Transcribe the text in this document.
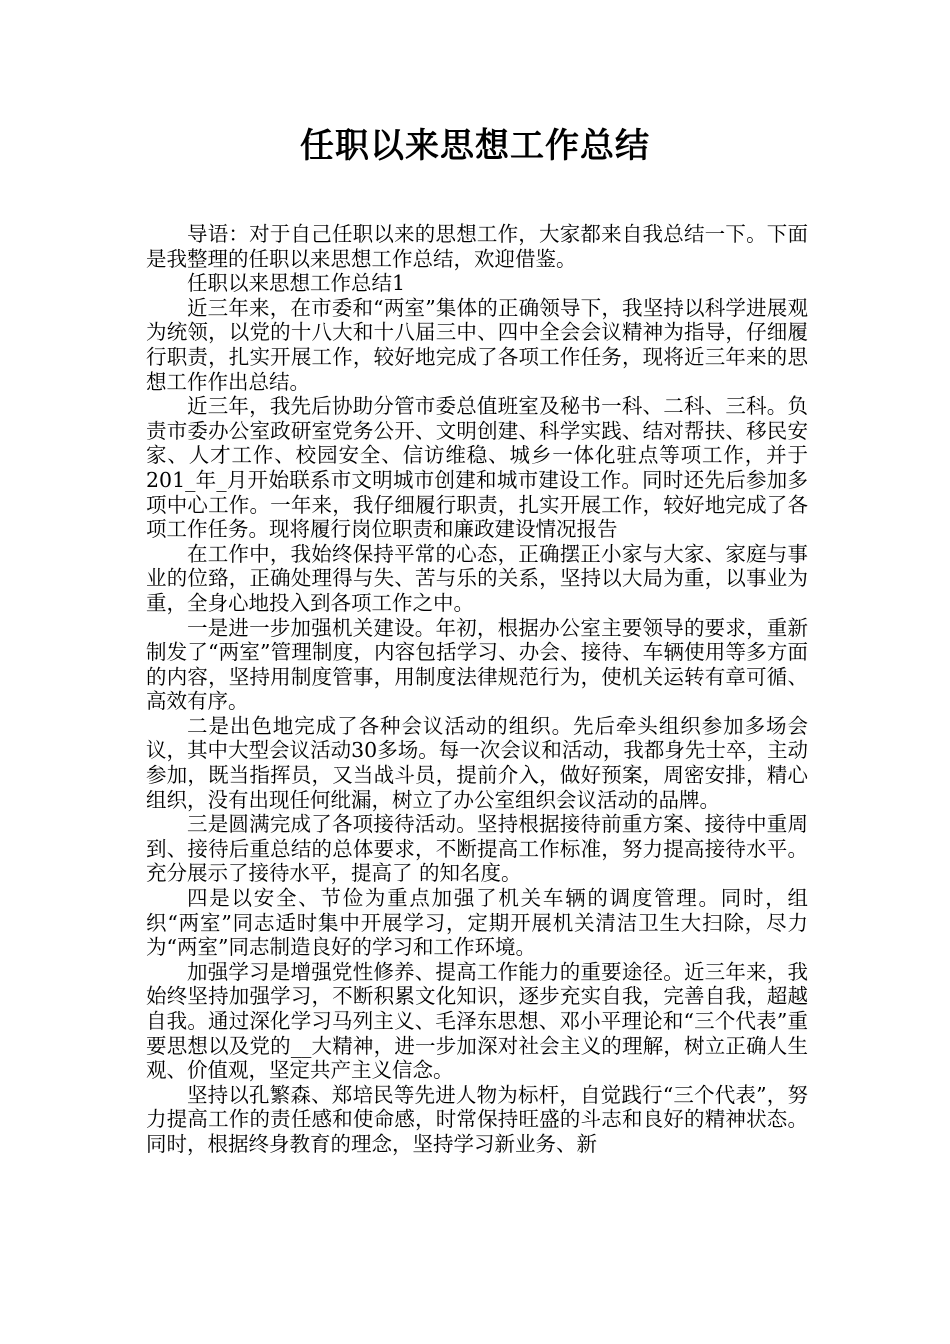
任职以来思想工作总结

导语：对于自己任职以来的思想工作，大家都来自我总结一下。下面是我整理的任职以来思想工作总结，欢迎借鉴。

任职以来思想工作总结1

近三年来，在市委和“两室”集体的正确领导下，我坚持以科学进展观为统领，以党的十八大和十八届三中、四中全会会议精神为指导，仔细履行职责，扎实开展工作，较好地完成了各项工作任务，现将近三年来的思想工作作出总结。

近三年，我先后协助分管市委总值班室及秘书一科、二科、三科。负责市委办公室政研室党务公开、文明创建、科学实践、结对帮扶、移民安家、人才工作、校园安全、信访维稳、城乡一体化驻点等项工作，并于201_年_月开始联系市文明城市创建和城市建设工作。同时还先后参加多项中心工作。一年来，我仔细履行职责，扎实开展工作，较好地完成了各项工作任务。现将履行岗位职责和廉政建设情况报告

在工作中，我始终保持平常的心态，正确摆正小家与大家、家庭与事业的位臵，正确处理得与失、苦与乐的关系，坚持以大局为重，以事业为重，全身心地投入到各项工作之中。

一是进一步加强机关建设。年初，根据办公室主要领导的要求，重新制发了“两室”管理制度，内容包括学习、办会、接待、车辆使用等多方面的内容，坚持用制度管事，用制度法律规范行为，使机关运转有章可循、高效有序。

二是出色地完成了各种会议活动的组织。先后牵头组织参加多场会议，其中大型会议活动30多场。每一次会议和活动，我都身先士卒，主动参加，既当指挥员，又当战斗员，提前介入，做好预案，周密安排，精心组织，没有出现任何纰漏，树立了办公室组织会议活动的品牌。

三是圆满完成了各项接待活动。坚持根据接待前重方案、接待中重周到、接待后重总结的总体要求，不断提高工作标准，努力提高接待水平。充分展示了接待水平，提高了 的知名度。

四是以安全、节俭为重点加强了机关车辆的调度管理。同时，组织“两室”同志适时集中开展学习，定期开展机关清洁卫生大扫除，尽力为“两室”同志制造良好的学习和工作环境。

加强学习是增强党性修养、提高工作能力的重要途径。近三年来，我始终坚持加强学习，不断积累文化知识，逐步充实自我，完善自我，超越自我。通过深化学习马列主义、毛泽东思想、邓小平理论和“三个代表”重要思想以及党的__大精神，进一步加深对社会主义的理解，树立正确人生观、价值观，坚定共产主义信念。

坚持以孔繁森、郑培民等先进人物为标杆，自觉践行“三个代表”，努力提高工作的责任感和使命感，时常保持旺盛的斗志和良好的精神状态。同时，根据终身教育的理念，坚持学习新业务、新
